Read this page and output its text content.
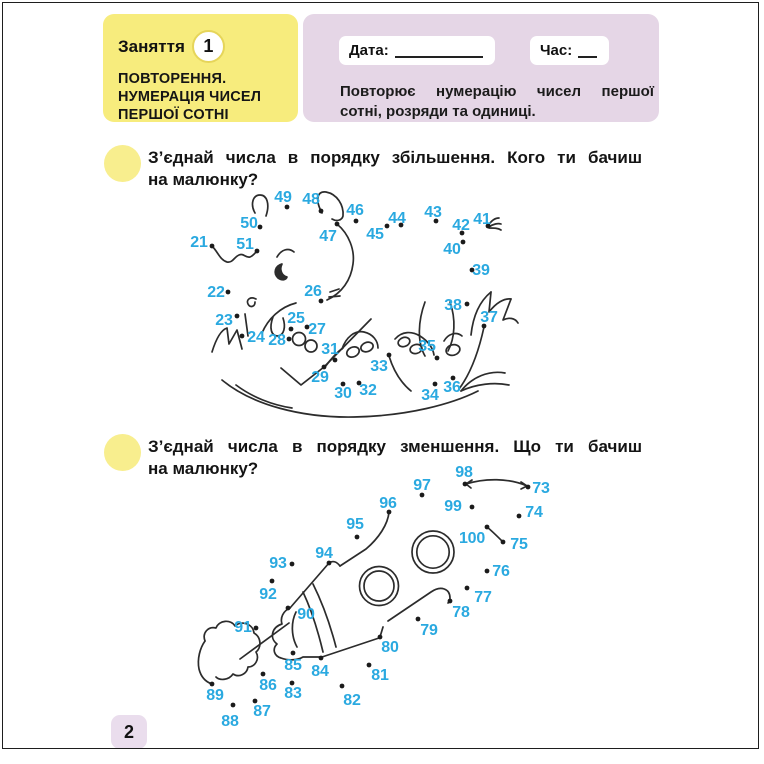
Заняття 1
ПОВТОРЕННЯ.
НУМЕРАЦІЯ ЧИСЕЛ
ПЕРШОЇ СОТНІ
Дата:	Час:
Повторює нумерацію чисел першої
сотні, розряди та одиниці.
З’єднай числа в порядку збільшення. Кого ти бачиш
на малюнку?
З’єднай числа в порядку зменшення. Що ти бачиш
на малюнку?
21
22
23
24
25
26
27
28
29
30
31
32
33
34
35
36
37
38
39
40
41
42
43
44
45
46
47
48
49
50
51
73
74
75
76
77
78
79
80
81
82
83
84
85
86
87
88
89
90
91
92
93
94
95
96
97
98
99
100
2
